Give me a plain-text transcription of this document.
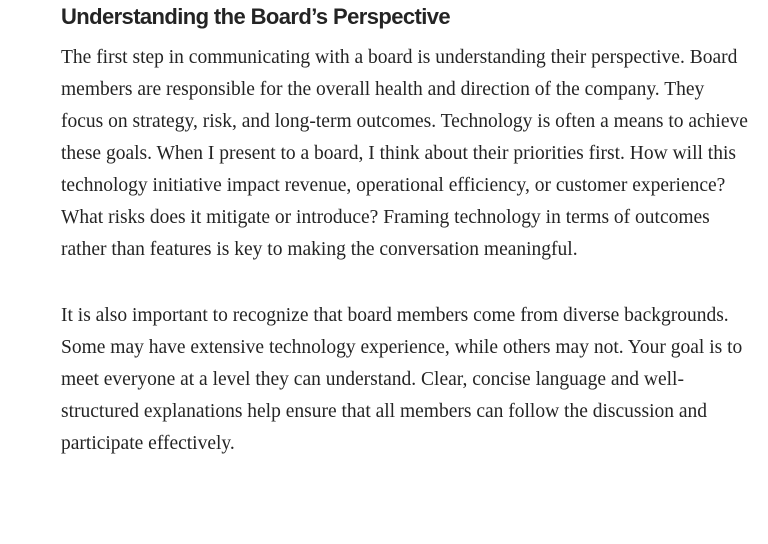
Understanding the Board’s Perspective

The first step in communicating with a board is understanding their perspective. Board members are responsible for the overall health and direction of the company. They focus on strategy, risk, and long-term outcomes. Technology is often a means to achieve these goals. When I present to a board, I think about their priorities first. How will this technology initiative impact revenue, operational efficiency, or customer experience? What risks does it mitigate or introduce? Framing technology in terms of outcomes rather than features is key to making the conversation meaningful.

It is also important to recognize that board members come from diverse backgrounds. Some may have extensive technology experience, while others may not. Your goal is to meet everyone at a level they can understand. Clear, concise language and well-structured explanations help ensure that all members can follow the discussion and participate effectively.
